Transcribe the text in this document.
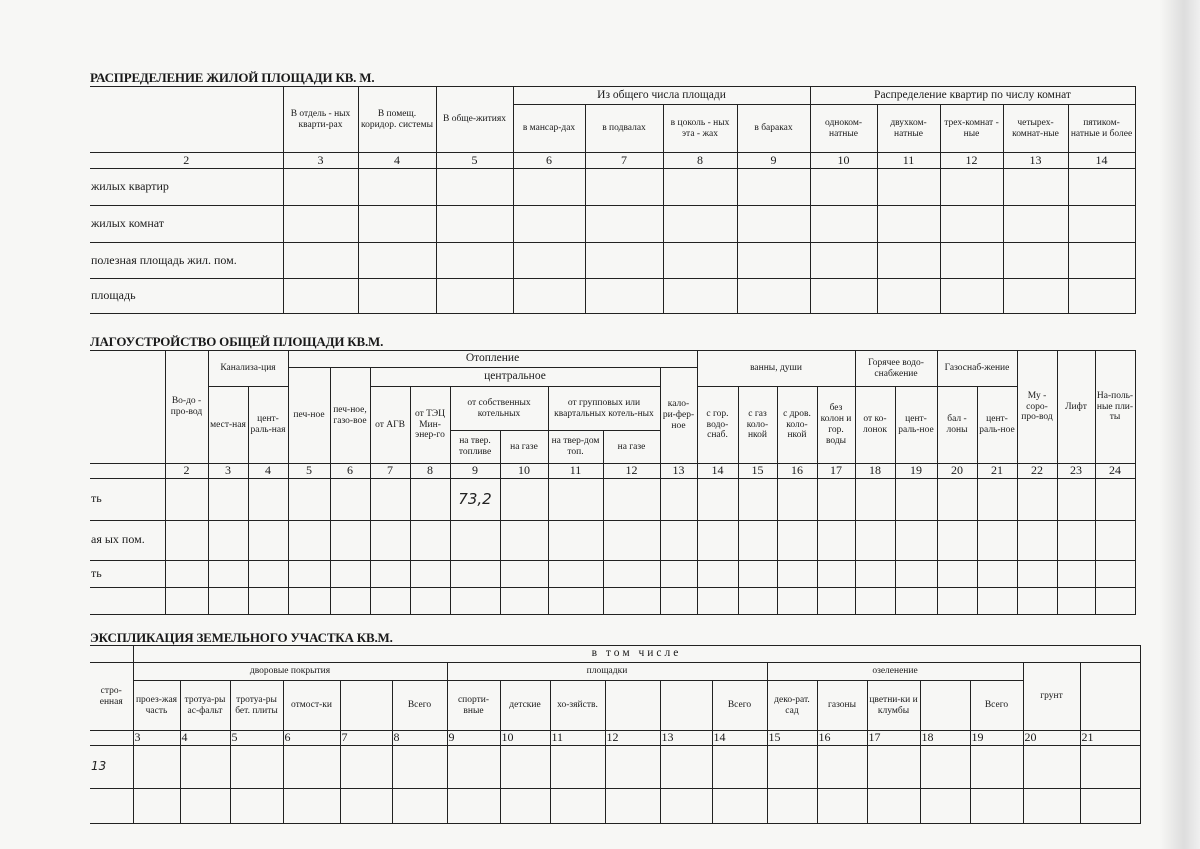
РАСПРЕДЕЛЕНИЕ ЖИЛОЙ ПЛОЩАДИ КВ. М.
	В отдель - ных кварти-рах	В помещ. коридор. системы	В обще-житиях	Из общего числа площади				Распределение квартир по числу комнат				
				в мансар-дах	в подвалах	в цоколь - ных эта - жах	в бараках	одноком-натные	двухком-натные	трех-комнат - ные	четырех-комнат-ные	пятиком-натные и более
2	3	4	5	6	7	8	9	10	11	12	13	14
жилых квартир												
жилых комнат												
полезная площадь жил. пом.												
площадь												
ЛАГОУСТРОЙСТВО ОБЩЕЙ ПЛОЩАДИ КВ.М.
	Во-до - про-вод	Канализа-ция		Отопление									ванны, души				Горячее водо-снабжение		Газоснаб-жение		Му - соро-про-вод	Лифт	На-поль-ные пли-ты
				печ-ное	печ-ное, газо-вое	центральное						кало-ри-фер-ное											
		мест-ная	цент-раль-ная			от АГВ	от ТЭЦ Мин-энер-го	от собственных котельных		от групповых или квартальных котель-ных			с гор. водо-снаб.	с газ коло-нкой	с дров. коло-нкой	без колон и гор. воды	от ко-лонок	цент-раль-ное	бал - лоны	цент-раль-ное			
								на твер. топливе	на газе	на твер-дом топ.	на газе												
	2	3	4	5	6	7	8	9	10	11	12	13	14	15	16	17	18	19	20	21	22	23	24
ть								73,2															
ая ых пом.																							
ть																							

ЭКСПЛИКАЦИЯ ЗЕМЕЛЬНОГО УЧАСТКА КВ.М.
	в том числе																		
стро-енная	дворовые покрытия						площадки						озеленение					грунт	
	проез-жая часть	тротуа-ры ас-фальт	тротуа-ры бет. плиты	отмост-ки		Всего	спорти-вные	детские	хо-зяйств.			Всего	деко-рат. сад	газоны	цветни-ки и клумбы		Всего		
	3	4	5	6	7	8	9	10	11	12	13	14	15	16	17	18	19	20	21
13																			
